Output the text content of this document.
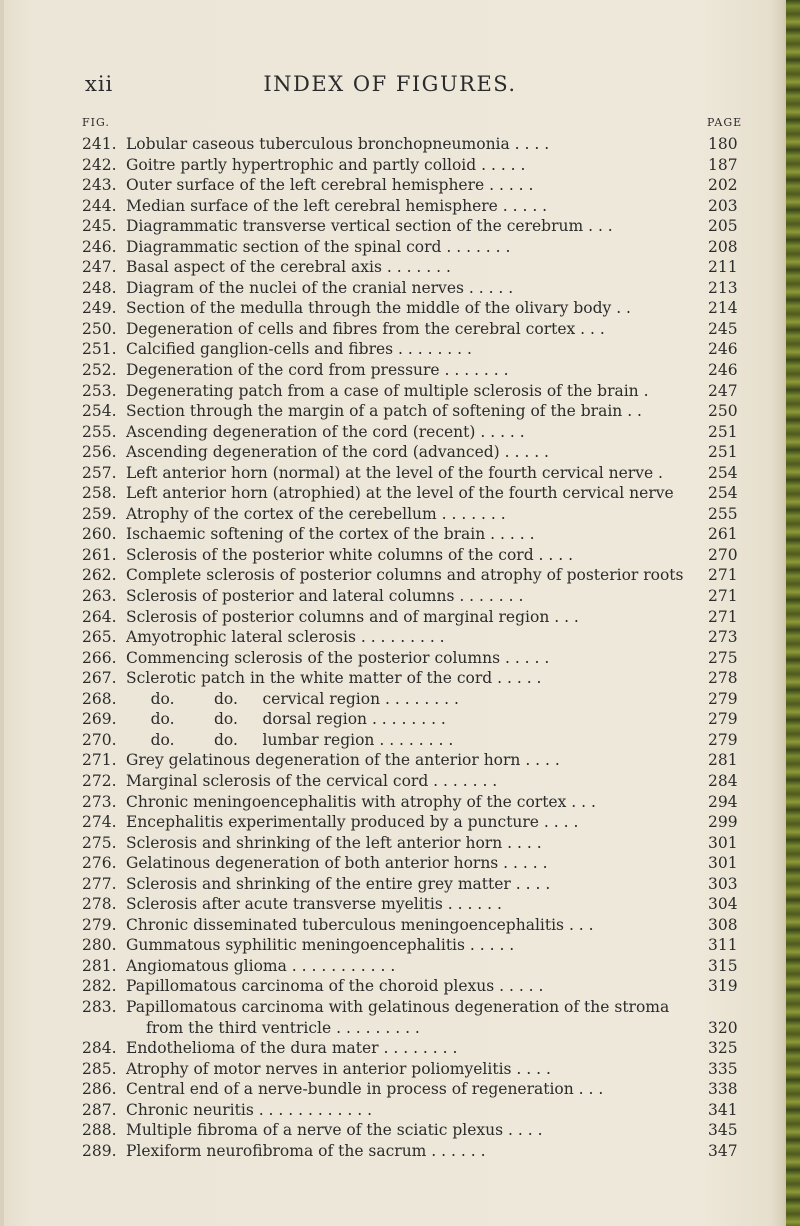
xii	INDEX OF FIGURES.
FIG.	PAGE
241. Lobular caseous tuberculous bronchopneumonia . . . .	180
242. Goitre partly hypertrophic and partly colloid . . . . .	187
243. Outer surface of the left cerebral hemisphere . . . . .	202
244. Median surface of the left cerebral hemisphere . . . . .	203
245. Diagrammatic transverse vertical section of the cerebrum . . .	205
246. Diagrammatic section of the spinal cord . . . . . . .	208
247. Basal aspect of the cerebral axis . . . . . . .	211
248. Diagram of the nuclei of the cranial nerves . . . . .	213
249. Section of the medulla through the middle of the olivary body . .	214
250. Degeneration of cells and fibres from the cerebral cortex . . .	245
251. Calcified ganglion-cells and fibres . . . . . . . .	246
252. Degeneration of the cord from pressure . . . . . . .	246
253. Degenerating patch from a case of multiple sclerosis of the brain .	247
254. Section through the margin of a patch of softening of the brain . .	250
255. Ascending degeneration of the cord (recent) . . . . .	251
256. Ascending degeneration of the cord (advanced) . . . . .	251
257. Left anterior horn (normal) at the level of the fourth cervical nerve .	254
258. Left anterior horn (atrophied) at the level of the fourth cervical nerve 254
259. Atrophy of the cortex of the cerebellum . . . . . . .	255
260. Ischaemic softening of the cortex of the brain . . . . .	261
261. Sclerosis of the posterior white columns of the cord . . . .	270
262. Complete sclerosis of posterior columns and atrophy of posterior roots 271
263. Sclerosis of posterior and lateral columns . . . . . . .	271
264. Sclerosis of posterior columns and of marginal region . . .	271
265. Amyotrophic lateral sclerosis . . . . . . . . .	273
266. Commencing sclerosis of the posterior columns . . . . .	275
267. Sclerotic patch in the white matter of the cord . . . . .	278
268. do.        do.     cervical region . . . . . . . .	279
269. do.        do.     dorsal region . . . . . . . .	279
270. do.        do.     lumbar region . . . . . . . .	279
271. Grey gelatinous degeneration of the anterior horn . . . .	281
272. Marginal sclerosis of the cervical cord . . . . . . .	284
273. Chronic meningoencephalitis with atrophy of the cortex . . .	294
274. Encephalitis experimentally produced by a puncture . . . .	299
275. Sclerosis and shrinking of the left anterior horn . . . .	301
276. Gelatinous degeneration of both anterior horns . . . . .	301
277. Sclerosis and shrinking of the entire grey matter . . . .	303
278. Sclerosis after acute transverse myelitis . . . . . .	304
279. Chronic disseminated tuberculous meningoencephalitis . . .	308
280. Gummatous syphilitic meningoencephalitis . . . . .	311
281. Angiomatous glioma . . . . . . . . . . .	315
282. Papillomatous carcinoma of the choroid plexus . . . . .	319
283. Papillomatous carcinoma with gelatinous degeneration of the stroma
from the third ventricle . . . . . . . . .	320
284. Endothelioma of the dura mater . . . . . . . .	325
285. Atrophy of motor nerves in anterior poliomyelitis . . . .	335
286. Central end of a nerve-bundle in process of regeneration . . .	338
287. Chronic neuritis . . . . . . . . . . . .	341
288. Multiple fibroma of a nerve of the sciatic plexus . . . .	345
289. Plexiform neurofibroma of the sacrum . . . . . .	347
